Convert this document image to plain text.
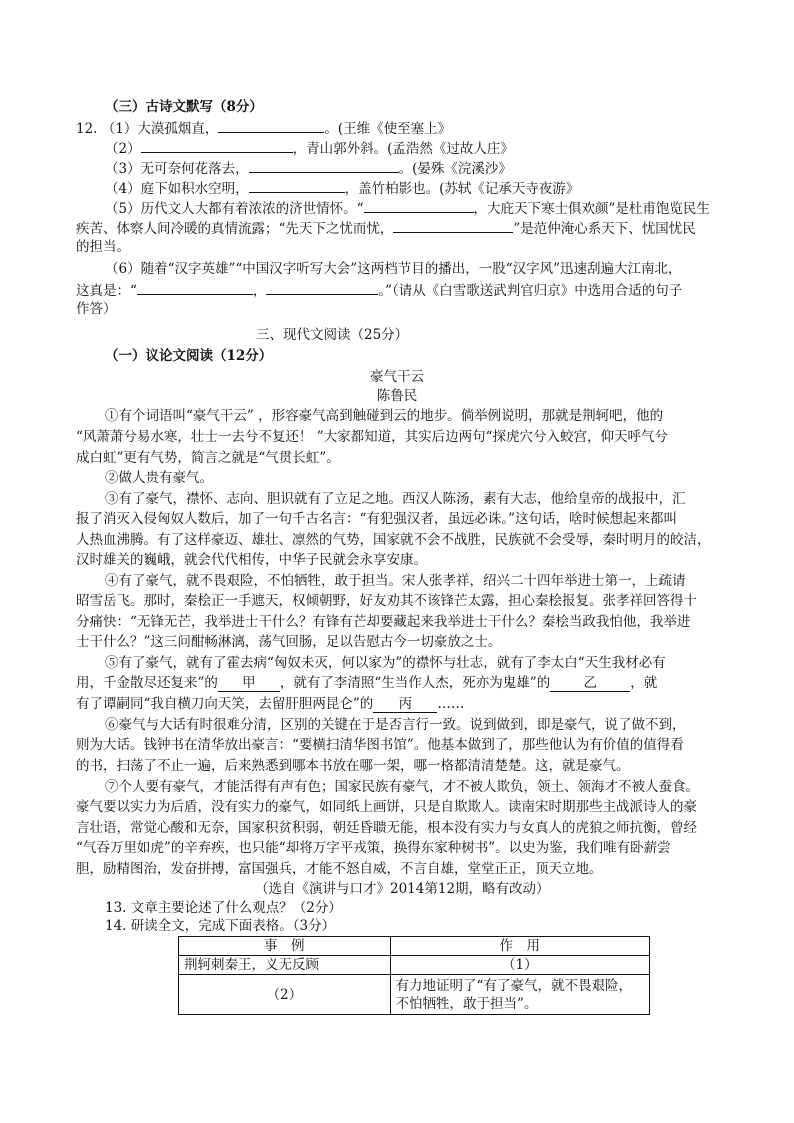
（三）古诗文默写（8分）
12. （1）大漠孤烟直，	。(王维《使至塞上》
（2）	，青山郭外斜。(孟浩然《过故人庄》
（3）无可奈何花落去，	。(晏殊《浣溪沙》
（4）庭下如积水空明，	，盖竹柏影也。(苏轼《记承天寺夜游》
（5）历代文人大都有着浓浓的济世情怀。“	，大庇天下寒士俱欢颜”是杜甫饱览民生
疾苦、体察人间冷暖的真情流露；“先天下之忧而忧，	”是范仲淹心系天下、忧国忧民
的担当。
（6）随着“汉字英雄”“中国汉字听写大会”这两档节目的播出，一股“汉字风”迅速刮遍大江南北，
这真是：“	，	。”（请从《白雪歌送武判官归京》中选用合适的句子
作答）
三、现代文阅读（25分）
（一）议论文阅读（12分）
豪气干云
陈鲁民
①有个词语叫“豪气干云” ，形容豪气高到触碰到云的地步。倘举例说明，那就是荆轲吧，他的
“风萧萧兮易水寒，壮士一去兮不复还！ ”大家都知道，其实后边两句“探虎穴兮入蛟宫，仰天呼气兮
成白虹”更有气势，简言之就是“气贯长虹”。
②做人贵有豪气。
③有了豪气，襟怀、志向、胆识就有了立足之地。西汉人陈汤，素有大志，他给皇帝的战报中，汇
报了消灭入侵匈奴人数后，加了一句千古名言：“有犯强汉者，虽远必诛。”这句话，啥时候想起来都叫
人热血沸腾。有了这样豪迈、雄壮、凛然的气势，国家就不会不战胜，民族就不会受辱，秦时明月的皎洁，
汉时雄关的巍峨，就会代代相传，中华子民就会永享安康。
④有了豪气，就不畏艰险，不怕牺牲，敢于担当。宋人张孝祥，绍兴二十四年举进士第一，上疏请
昭雪岳飞。那时，秦桧正一手遮天，权倾朝野，好友劝其不该锋芒太露，担心秦桧报复。张孝祥回答得十
分痛快：“无锋无芒，我举进士干什么？有锋有芒却要藏起来我举进士干什么？秦桧当政我怕他，我举进
士干什么？”这三问酣畅淋漓，荡气回肠，足以告慰古今一切豪放之士。
⑤有了豪气，就有了霍去病“匈奴未灭，何以家为”的襟怀与壮志，就有了李太白“天生我材必有
用，千金散尽还复来”的 甲 ，就有了李清照“生当作人杰，死亦为鬼雄”的 乙 ，就
有了谭嗣同“我自横刀向天笑，去留肝胆两昆仑”的 丙 ……
⑥豪气与大话有时很难分清，区别的关键在于是否言行一致。说到做到，即是豪气，说了做不到，
则为大话。钱钟书在清华放出豪言：“要横扫清华图书馆”。他基本做到了，那些他认为有价值的值得看
的书，扫荡了不止一遍，后来熟悉到哪本书放在哪一架，哪一格都清清楚楚。这，就是豪气。
⑦个人要有豪气，才能活得有声有色；国家民族有豪气，才不被人欺负，领土、领海才不被人蚕食。
豪气要以实力为后盾，没有实力的豪气，如同纸上画饼，只是自欺欺人。读南宋时期那些主战派诗人的豪
言壮语，常觉心酸和无奈，国家积贫积弱，朝廷昏聩无能，根本没有实力与女真人的虎狼之师抗衡，曾经
“气吞万里如虎”的辛弃疾，也只能“却将万字平戎策，换得东家种树书”。以史为鉴，我们唯有卧薪尝
胆，励精图治，发奋拼搏，富国强兵，才能不怒自威，不言自雄，堂堂正正，顶天立地。
（选自《演讲与口才》2014第12期，略有改动）
13. 文章主要论述了什么观点？（2分）
14. 研读全文，完成下面表格。（3分）
事　例	作　用
荆轲刺秦王，义无反顾	（1）
（2）	有力地证明了“有了豪气，就不畏艰险，
不怕牺牲，敢于担当”。
